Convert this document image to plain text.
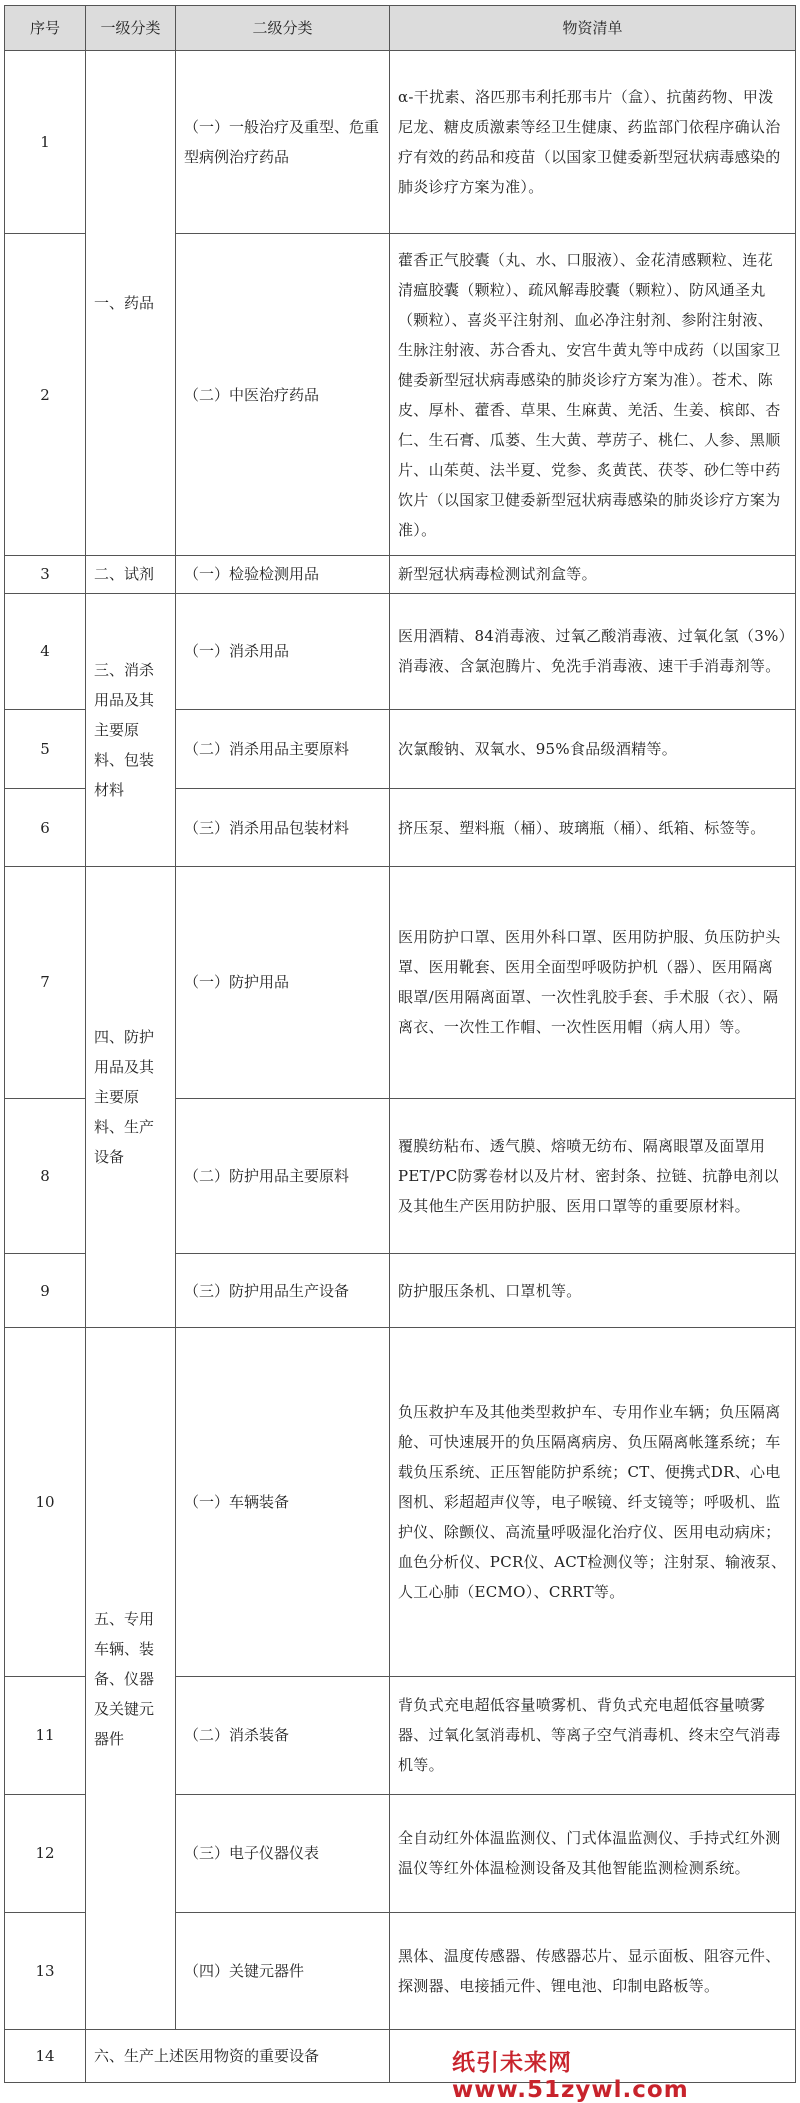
序号	一级分类	二级分类	物资清单
1	一、药品	（一）一般治疗及重型、危重型病例治疗药品	α-干扰素、洛匹那韦利托那韦片（盒）、抗菌药物、甲泼尼龙、糖皮质激素等经卫生健康、药监部门依程序确认治疗有效的药品和疫苗（以国家卫健委新型冠状病毒感染的肺炎诊疗方案为准）。
2		（二）中医治疗药品	藿香正气胶囊（丸、水、口服液）、金花清感颗粒、连花清瘟胶囊（颗粒）、疏风解毒胶囊（颗粒）、防风通圣丸（颗粒）、喜炎平注射剂、血必净注射剂、参附注射液、生脉注射液、苏合香丸、安宫牛黄丸等中成药（以国家卫健委新型冠状病毒感染的肺炎诊疗方案为准）。苍术、陈皮、厚朴、藿香、草果、生麻黄、羌活、生姜、槟郎、杏仁、生石膏、瓜蒌、生大黄、葶苈子、桃仁、人参、黑顺片、山茱萸、法半夏、党参、炙黄芪、茯苓、砂仁等中药饮片（以国家卫健委新型冠状病毒感染的肺炎诊疗方案为准）。
3	二、试剂	（一）检验检测用品	新型冠状病毒检测试剂盒等。
4	三、消杀用品及其主要原料、包装材料	（一）消杀用品	医用酒精、84消毒液、过氧乙酸消毒液、过氧化氢（3%）消毒液、含氯泡腾片、免洗手消毒液、速干手消毒剂等。
5		（二）消杀用品主要原料	次氯酸钠、双氧水、95%食品级酒精等。
6		（三）消杀用品包装材料	挤压泵、塑料瓶（桶）、玻璃瓶（桶）、纸箱、标签等。
7	四、防护用品及其主要原料、生产设备	（一）防护用品	医用防护口罩、医用外科口罩、医用防护服、负压防护头罩、医用靴套、医用全面型呼吸防护机（器）、医用隔离眼罩/医用隔离面罩、一次性乳胶手套、手术服（衣）、隔离衣、一次性工作帽、一次性医用帽（病人用）等。
8		（二）防护用品主要原料	覆膜纺粘布、透气膜、熔喷无纺布、隔离眼罩及面罩用PET/PC防雾卷材以及片材、密封条、拉链、抗静电剂以及其他生产医用防护服、医用口罩等的重要原材料。
9		（三）防护用品生产设备	防护服压条机、口罩机等。
10	五、专用车辆、装备、仪器及关键元器件	（一）车辆装备	负压救护车及其他类型救护车、专用作业车辆；负压隔离舱、可快速展开的负压隔离病房、负压隔离帐篷系统；车载负压系统、正压智能防护系统；CT、便携式DR、心电图机、彩超超声仪等，电子喉镜、纤支镜等；呼吸机、监护仪、除颤仪、高流量呼吸湿化治疗仪、医用电动病床；血色分析仪、PCR仪、ACT检测仪等；注射泵、输液泵、人工心肺（ECMO）、CRRT等。
11		（二）消杀装备	背负式充电超低容量喷雾机、背负式充电超低容量喷雾器、过氧化氢消毒机、等离子空气消毒机、终末空气消毒机等。
12		（三）电子仪器仪表	全自动红外体温监测仪、门式体温监测仪、手持式红外测温仪等红外体温检测设备及其他智能监测检测系统。
13		（四）关键元器件	黑体、温度传感器、传感器芯片、显示面板、阻容元件、探测器、电接插元件、锂电池、印制电路板等。
14	六、生产上述医用物资的重要设备			纸引未来网 www.51zywl.com
